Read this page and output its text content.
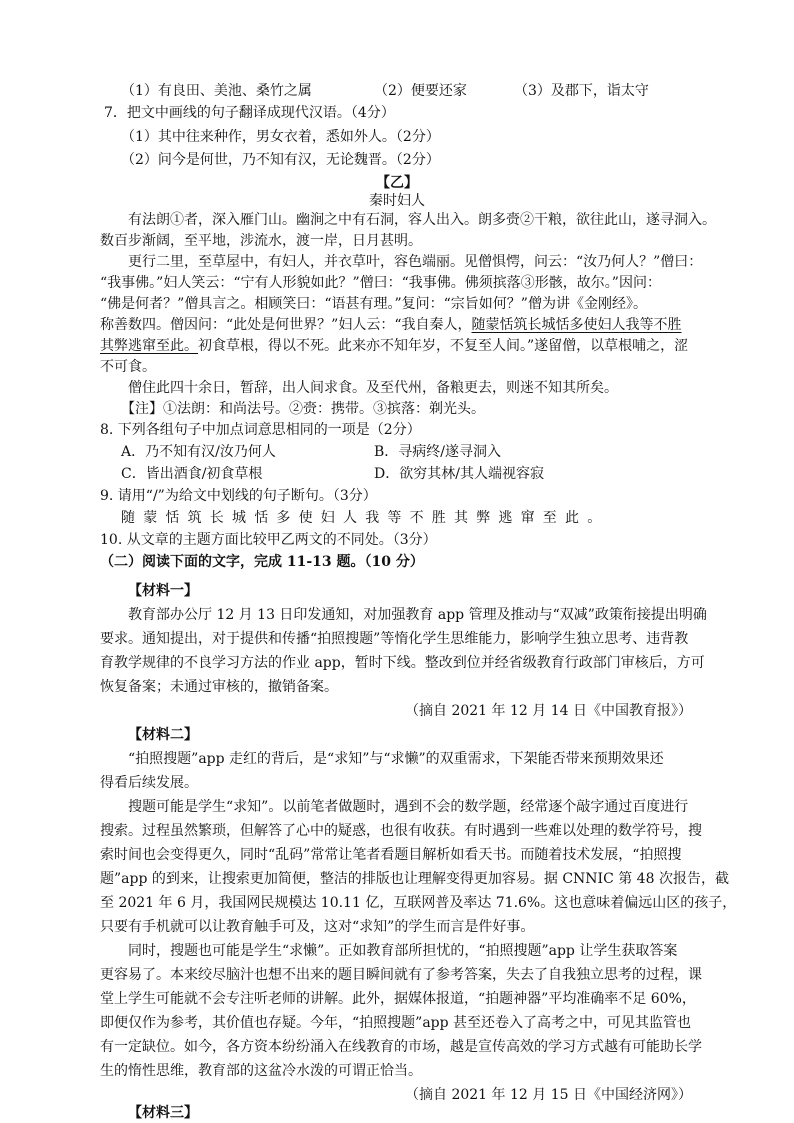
（1）有良田、美池、桑竹之属	（2）便要还家	（3）及郡下，诣太守
7．把文中画线的句子翻译成现代汉语。（4分）
（1）其中往来种作，男女衣着，悉如外人。（2分）
（2）问今是何世，乃不知有汉，无论魏晋。（2分）
【乙】
秦时妇人
有法朗①者，深入雁门山。幽涧之中有石洞，容人出入。朗多赍②干粮，欲往此山，遂寻洞入。
数百步渐阔，至平地，涉流水，渡一岸，日月甚明。
更行二里，至草屋中，有妇人，并衣草叶，容色端丽。见僧惧愕，问云：“汝乃何人？”僧曰：
“我事佛。”妇人笑云：“宁有人形貌如此？”僧曰：“我事佛。佛须摈落③形骸，故尔。”因问：
“佛是何者？”僧具言之。相顾笑曰：“语甚有理。”复问：“宗旨如何？”僧为讲《金刚经》。
称善数四。僧因问：“此处是何世界？”妇人云：“我自秦人，随蒙恬筑长城恬多使妇人我等不胜
其弊逃窜至此。初食草根，得以不死。此来亦不知年岁，不复至人间。”遂留僧，以草根哺之，涩
不可食。
僧住此四十余日，暂辞，出人间求食。及至代州，备粮更去，则迷不知其所矣。
【注】①法朗：和尚法号。②赍：携带。③摈落：剃光头。
8. 下列各组句子中加点词意思相同的一项是（2分）
A．乃不知有汉/汝乃何人	B．寻病终/遂寻洞入
C．皆出酒食/初食草根	D．欲穷其林/其人端视容寂
9. 请用“/”为给文中划线的句子断句。（3分）
随蒙恬筑长城恬多使妇人我等不胜其弊逃窜至此。
10. 从文章的主题方面比较甲乙两文的不同处。（3分）
（二）阅读下面的文字，完成 11-13 题。（10 分）
【材料一】
教育部办公厅 12 月 13 日印发通知，对加强教育 app 管理及推动与“双减”政策衔接提出明确
要求。通知提出，对于提供和传播“拍照搜题”等惰化学生思维能力，影响学生独立思考、违背教
育教学规律的不良学习方法的作业 app，暂时下线。整改到位并经省级教育行政部门审核后，方可
恢复备案；未通过审核的，撤销备案。
（摘自 2021 年 12 月 14 日《中国教育报》）
【材料二】
“拍照搜题”app 走红的背后，是“求知”与“求懒”的双重需求，下架能否带来预期效果还
得看后续发展。
搜题可能是学生“求知”。以前笔者做题时，遇到不会的数学题，经常逐个敲字通过百度进行
搜索。过程虽然繁琐，但解答了心中的疑惑，也很有收获。有时遇到一些难以处理的数学符号，搜
索时间也会变得更久，同时“乱码”常常让笔者看题目解析如看天书。而随着技术发展，“拍照搜
题”app 的到来，让搜索更加简便，整洁的排版也让理解变得更加容易。据 CNNIC 第 48 次报告，截
至 2021 年 6 月，我国网民规模达 10.11 亿，互联网普及率达 71.6%。这也意味着偏远山区的孩子，
只要有手机就可以让教育触手可及，这对“求知”的学生而言是件好事。
同时，搜题也可能是学生“求懒”。正如教育部所担忧的，“拍照搜题”app 让学生获取答案
更容易了。本来绞尽脑汁也想不出来的题目瞬间就有了参考答案，失去了自我独立思考的过程，课
堂上学生可能就不会专注听老师的讲解。此外，据媒体报道，“拍题神器”平均准确率不足 60%，
即便仅作为参考，其价值也存疑。今年，“拍照搜题”app 甚至还卷入了高考之中，可见其监管也
有一定缺位。如今，各方资本纷纷涌入在线教育的市场，越是宣传高效的学习方式越有可能助长学
生的惰性思维，教育部的这盆冷水泼的可谓正恰当。
（摘自 2021 年 12 月 15 日《中国经济网》）
【材料三】
